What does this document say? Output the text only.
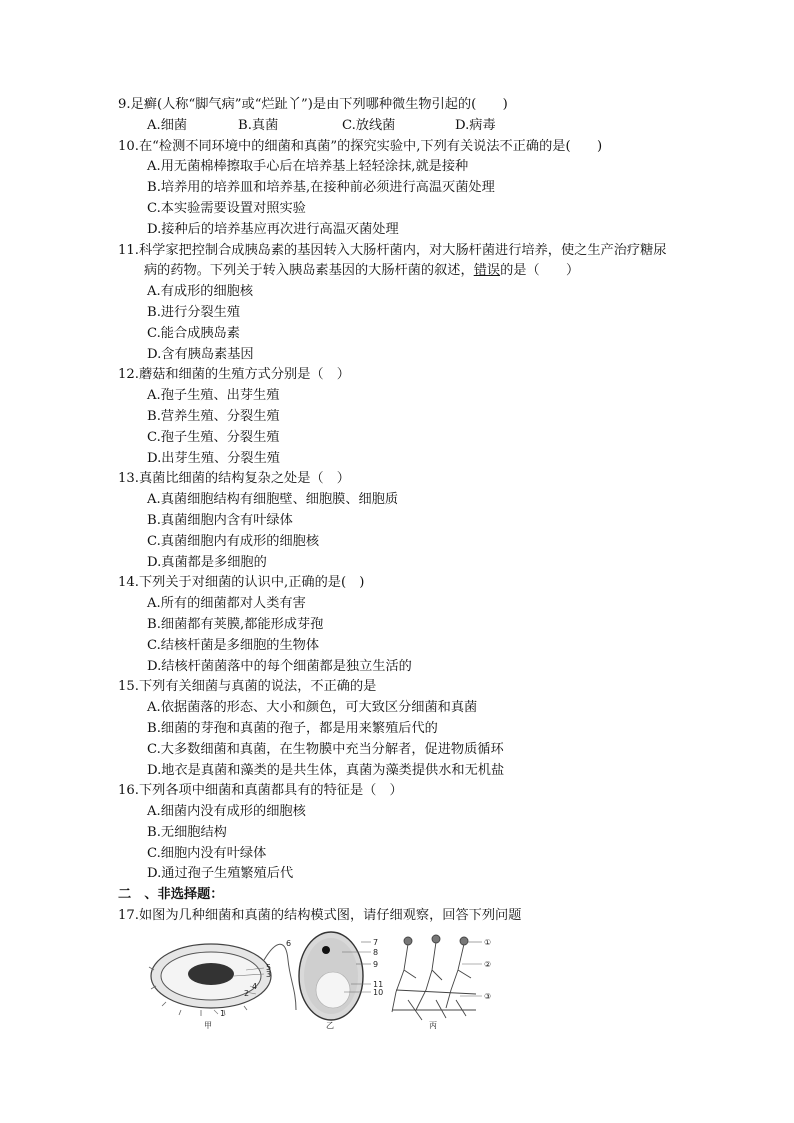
9.足癣(人称“脚气病”或“烂趾丫”)是由下列哪种微生物引起的(　　)
A.细菌	B.真菌	C.放线菌	D.病毒
10.在“检测不同环境中的细菌和真菌”的探究实验中,下列有关说法不正确的是(　　)
A.用无菌棉棒擦取手心后在培养基上轻轻涂抹,就是接种
B.培养用的培养皿和培养基,在接种前必须进行高温灭菌处理
C.本实验需要设置对照实验
D.接种后的培养基应再次进行高温灭菌处理
11.科学家把控制合成胰岛素的基因转入大肠杆菌内，对大肠杆菌进行培养，使之生产治疗糖尿
病的药物。下列关于转入胰岛素基因的大肠杆菌的叙述，错误的是（　　）
A.有成形的细胞核
B.进行分裂生殖
C.能合成胰岛素
D.含有胰岛素基因
12.蘑菇和细菌的生殖方式分别是（　）
A.孢子生殖、出芽生殖
B.营养生殖、分裂生殖
C.孢子生殖、分裂生殖
D.出芽生殖、分裂生殖
13.真菌比细菌的结构复杂之处是（　）
A.真菌细胞结构有细胞壁、细胞膜、细胞质
B.真菌细胞内含有叶绿体
C.真菌细胞内有成形的细胞核
D.真菌都是多细胞的
14.下列关于对细菌的认识中,正确的是(　)
A.所有的细菌都对人类有害
B.细菌都有荚膜,都能形成芽孢
C.结核杆菌是多细胞的生物体
D.结核杆菌菌落中的每个细菌都是独立生活的
15.下列有关细菌与真菌的说法，不正确的是
A.依据菌落的形态、大小和颜色，可大致区分细菌和真菌
B.细菌的芽孢和真菌的孢子，都是用来繁殖后代的
C.大多数细菌和真菌，在生物膜中充当分解者，促进物质循环
D.地衣是真菌和藻类的是共生体，真菌为藻类提供水和无机盐
16.下列各项中细菌和真菌都具有的特征是（　）
A.细菌内没有成形的细胞核
B.无细胞结构
C.细胞内没有叶绿体
D.通过孢子生殖繁殖后代
二　、非选择题：
17.如图为几种细菌和真菌的结构模式图，请仔细观察，回答下列问题
6
5
3
4
2
1
甲
7
8
9
11
10
乙
①
②
③
丙
